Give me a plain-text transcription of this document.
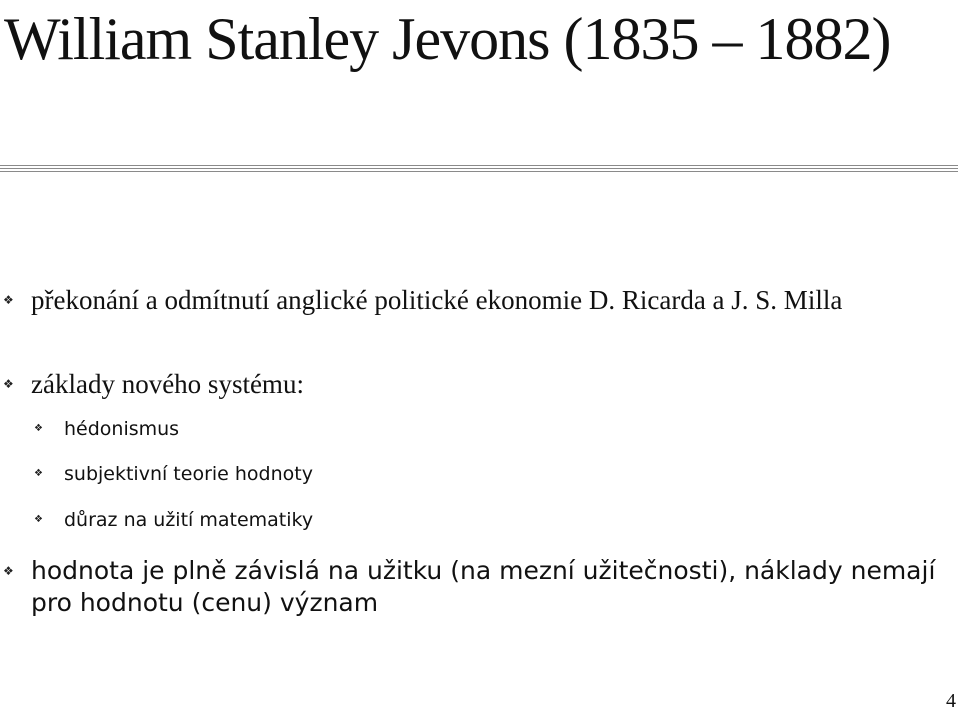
William Stanley Jevons (1835 – 1882)
❖ překonání a odmítnutí anglické politické ekonomie D. Ricarda a J. S. Milla
❖ základy nového systému:
❖ hédonismus
❖ subjektivní teorie hodnoty
❖ důraz na užití matematiky
❖ hodnota je plně závislá na užitku (na mezní užitečnosti), náklady nemají pro hodnotu (cenu) význam
4
